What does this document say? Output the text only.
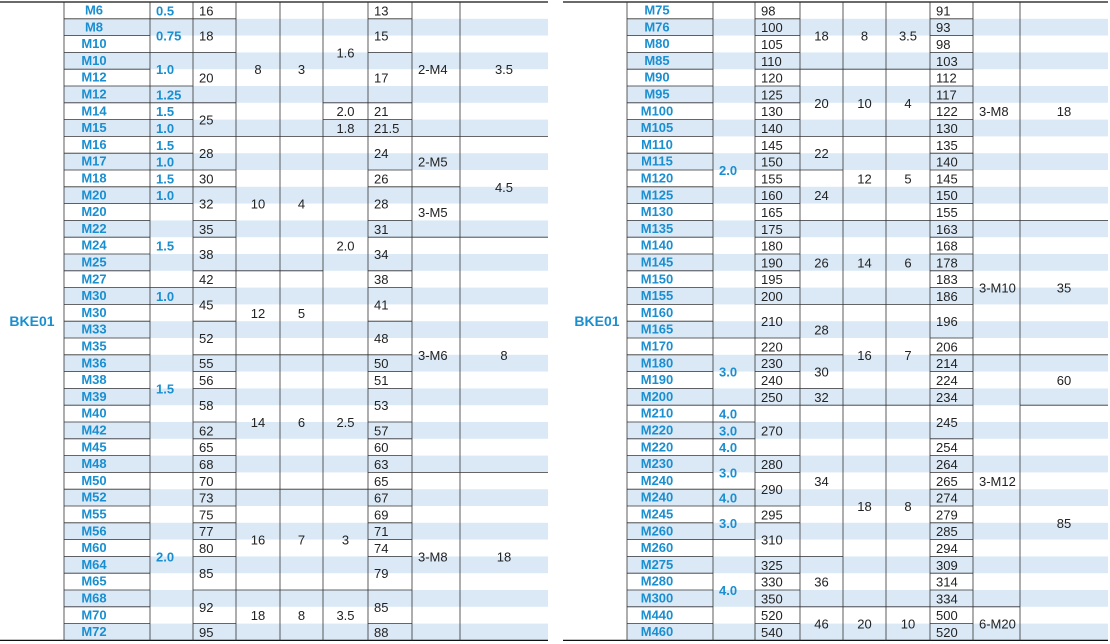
BKE01
M6
M8
M10
M10
M12
M12
M14
M15
M16
M17
M18
M20
M20
M22
M24
M25
M27
M30
M30
M33
M35
M36
M38
M39
M40
M42
M45
M48
M50
M52
M55
M56
M60
M64
M65
M68
M70
M72
0.5
0.75
1.0
1.25
1.5
1.0
1.5
1.0
1.5
1.0
1.5
1.0
1.5
2.0
16
18
20
25
28
30
32
35
38
42
45
52
55
56
58
62
65
68
70
73
75
77
80
85
92
95
8
10
12
14
16
18
3
4
5
6
7
8
1.6
2.0
1.8
2.0
2.5
3
3.5
13
15
17
21
21.5
24
26
28
31
34
38
41
48
50
51
53
57
60
63
65
67
69
71
74
79
85
88
2-M4
2-M5
3-M5
3-M6
3-M8
3.5
4.5
8
18
BKE01
M75
M76
M80
M85
M90
M95
M100
M105
M110
M115
M120
M125
M130
M135
M140
M145
M150
M155
M160
M165
M170
M180
M190
M200
M210
M220
M220
M230
M240
M240
M245
M260
M260
M275
M280
M300
M440
M460
2.0
3.0
4.0
3.0
4.0
3.0
4.0
3.0
4.0
98
100
105
110
120
125
130
140
145
150
155
160
165
175
180
190
195
200
210
220
230
240
250
270
280
290
295
310
325
330
350
520
540
18
20
22
24
26
28
30
32
34
36
46
8
10
12
14
16
18
20
3.5
4
5
6
7
8
10
91
93
98
103
112
117
122
130
135
140
145
150
155
163
168
178
183
186
196
206
214
224
234
245
254
264
265
274
279
285
294
309
314
334
500
520
3-M8
3-M10
3-M12
6-M20
18
35
60
85
